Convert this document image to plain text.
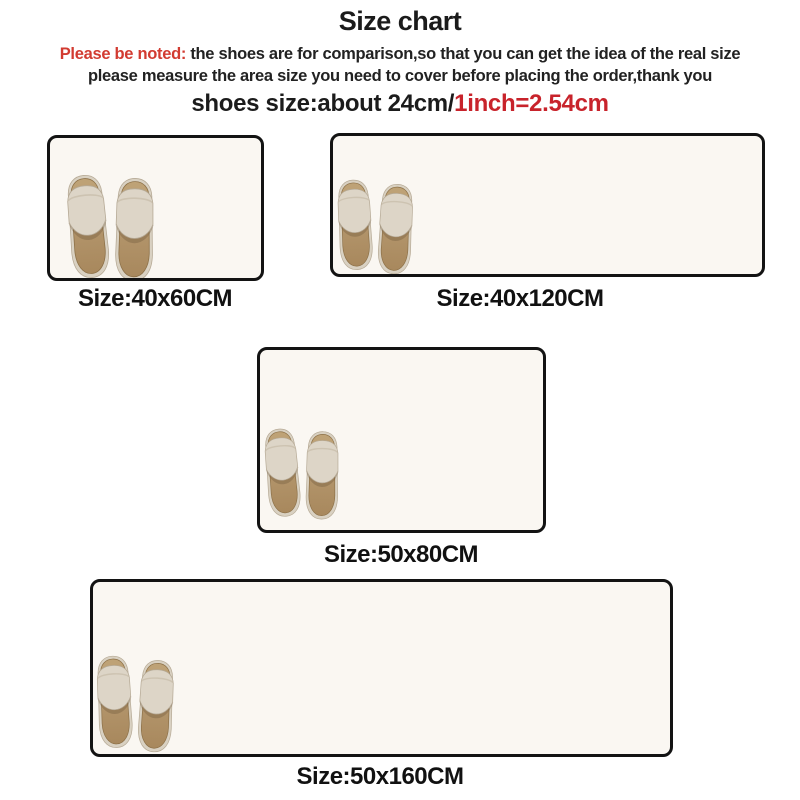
Size chart
Please be noted: the shoes are for comparison,so that you can get the idea of the real size
please measure the area size you need to cover before placing the order,thank you
shoes size:about 24cm/1inch=2.54cm
Size:40x60CM	Size:40x120CM
Size:50x80CM
Size:50x160CM
